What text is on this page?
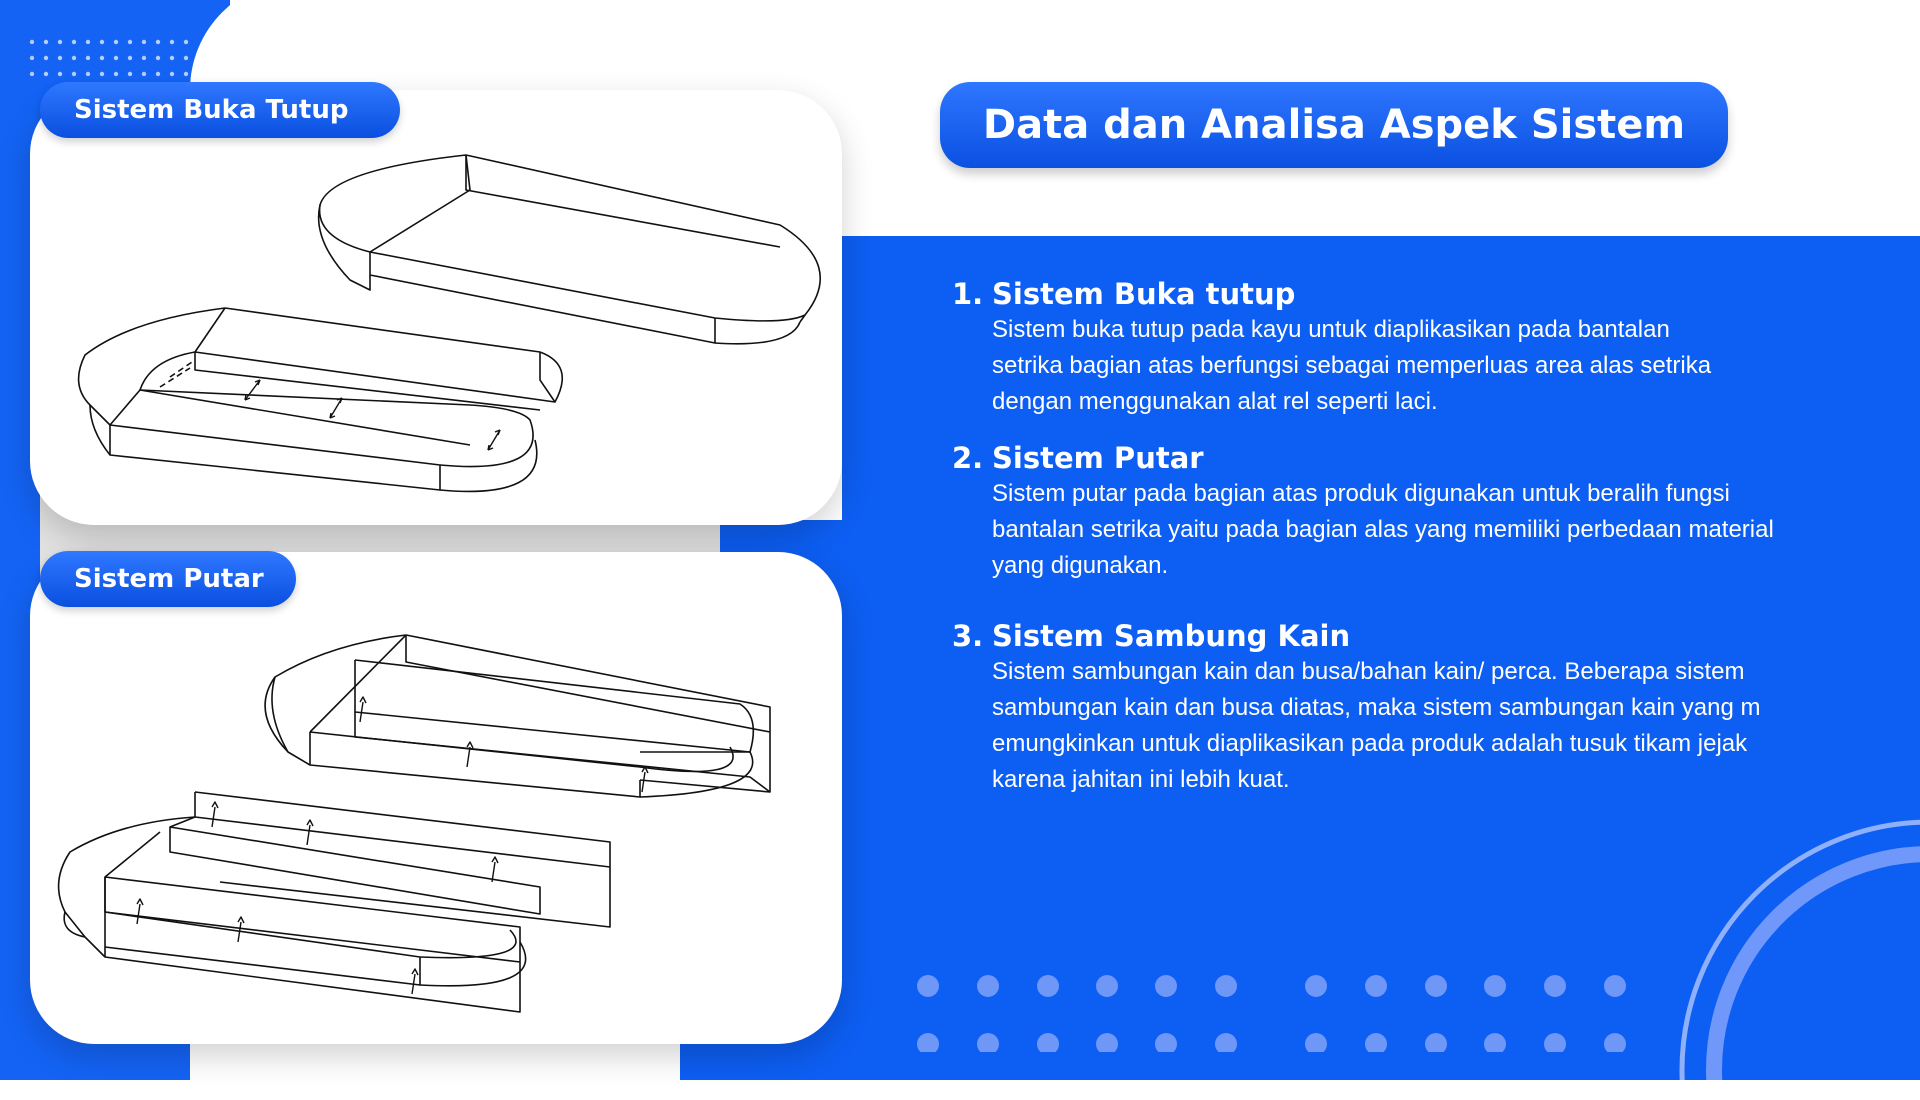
Sistem Buka Tutup
Sistem Putar
Data dan Analisa Aspek Sistem
1. Sistem Buka tutup
Sistem buka tutup pada kayu untuk diaplikasikan pada bantalan
setrika bagian atas berfungsi sebagai memperluas area alas setrika
dengan menggunakan alat rel seperti laci.
2. Sistem Putar
Sistem putar pada bagian atas produk digunakan untuk beralih fungsi
bantalan setrika yaitu pada bagian alas yang memiliki perbedaan material
yang digunakan.
3. Sistem Sambung Kain
Sistem sambungan kain dan busa/bahan kain/ perca. Beberapa sistem
sambungan kain dan busa diatas, maka sistem sambungan kain yang m
emungkinkan untuk diaplikasikan pada produk adalah tusuk tikam jejak
karena jahitan ini lebih kuat.
